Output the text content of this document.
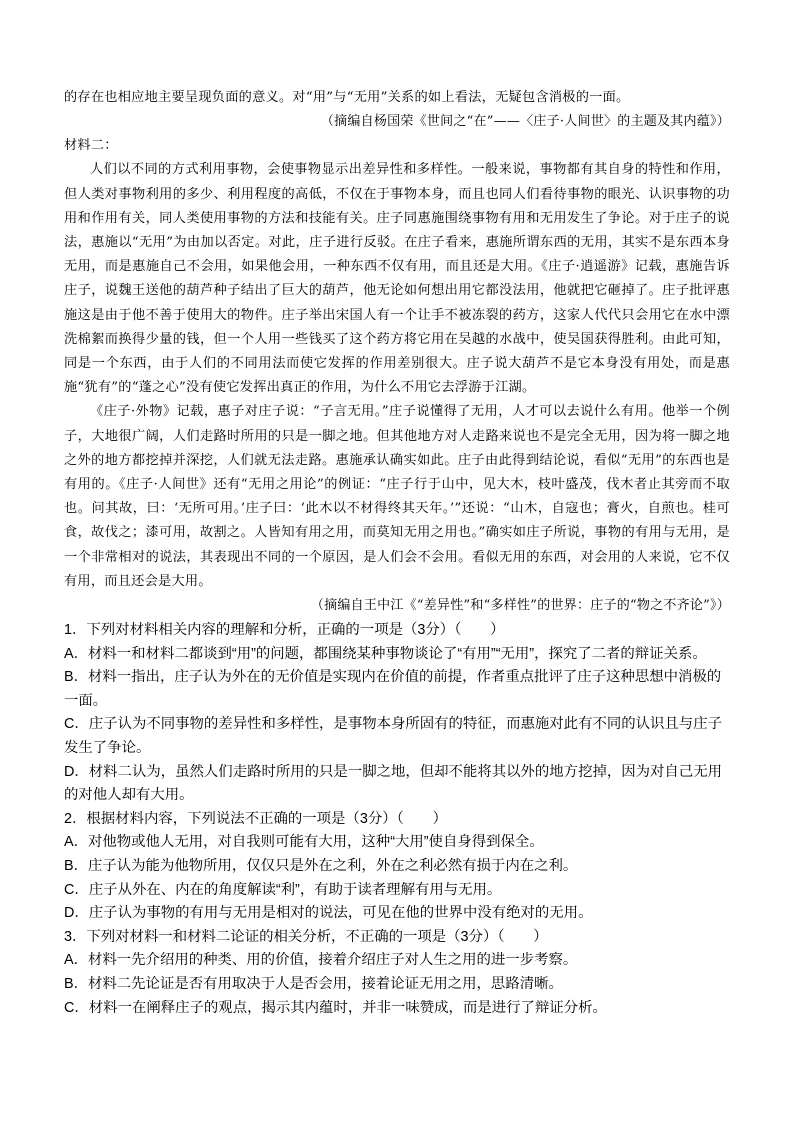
的存在也相应地主要呈现负面的意义。对“用”与“无用”关系的如上看法，无疑包含消极的一面。

（摘编自杨国荣《世间之“在”——〈庄子·人间世〉的主题及其内蕴》）

材料二：

人们以不同的方式利用事物，会使事物显示出差异性和多样性。一般来说，事物都有其自身的特性和作用，但人类对事物利用的多少、利用程度的高低，不仅在于事物本身，而且也同人们看待事物的眼光、认识事物的功用和作用有关，同人类使用事物的方法和技能有关。庄子同惠施围绕事物有用和无用发生了争论。对于庄子的说法，惠施以“无用”为由加以否定。对此，庄子进行反驳。在庄子看来，惠施所谓东西的无用，其实不是东西本身无用，而是惠施自己不会用，如果他会用，一种东西不仅有用，而且还是大用。《庄子·逍遥游》记载，惠施告诉庄子，说魏王送他的葫芦种子结出了巨大的葫芦，他无论如何想出用它都没法用，他就把它砸掉了。庄子批评惠施这是由于他不善于使用大的物件。庄子举出宋国人有一个让手不被冻裂的药方，这家人代代只会用它在水中漂洗棉絮而换得少量的钱，但一个人用一些钱买了这个药方将它用在吴越的水战中，使吴国获得胜利。由此可知，同是一个东西，由于人们的不同用法而使它发挥的作用差别很大。庄子说大葫芦不是它本身没有用处，而是惠施“犹有”的“蓬之心”没有使它发挥出真正的作用，为什么不用它去浮游于江湖。

《庄子·外物》记载，惠子对庄子说：“子言无用。”庄子说懂得了无用，人才可以去说什么有用。他举一个例子，大地很广阔，人们走路时所用的只是一脚之地。但其他地方对人走路来说也不是完全无用，因为将一脚之地之外的地方都挖掉并深挖，人们就无法走路。惠施承认确实如此。庄子由此得到结论说，看似“无用”的东西也是有用的。《庄子·人间世》还有“无用之用论”的例证：“庄子行于山中，见大木，枝叶盛茂，伐木者止其旁而不取也。问其故，曰：‘无所可用。’庄子曰：‘此木以不材得终其天年。’”还说：“山木，自寇也；膏火，自煎也。桂可食，故伐之；漆可用，故割之。人皆知有用之用，而莫知无用之用也。”确实如庄子所说，事物的有用与无用，是一个非常相对的说法，其表现出不同的一个原因，是人们会不会用。看似无用的东西，对会用的人来说，它不仅有用，而且还会是大用。

（摘编自王中江《“差异性”和“多样性”的世界：庄子的“物之不齐论”》）

1．下列对材料相关内容的理解和分析，正确的一项是（3分）（　　）

A．材料一和材料二都谈到“用”的问题，都围绕某种事物谈论了“有用”“无用”，探究了二者的辩证关系。

B．材料一指出，庄子认为外在的无价值是实现内在价值的前提，作者重点批评了庄子这种思想中消极的一面。

C．庄子认为不同事物的差异性和多样性，是事物本身所固有的特征，而惠施对此有不同的认识且与庄子发生了争论。

D．材料二认为，虽然人们走路时所用的只是一脚之地，但却不能将其以外的地方挖掉，因为对自己无用的对他人却有大用。

2．根据材料内容，下列说法不正确的一项是（3分）（　　）

A．对他物或他人无用，对自我则可能有大用，这种“大用”使自身得到保全。

B．庄子认为能为他物所用，仅仅只是外在之利，外在之利必然有损于内在之利。

C．庄子从外在、内在的角度解读“利”，有助于读者理解有用与无用。

D．庄子认为事物的有用与无用是相对的说法，可见在他的世界中没有绝对的无用。

3．下列对材料一和材料二论证的相关分析，不正确的一项是（3分）（　　）

A．材料一先介绍用的种类、用的价值，接着介绍庄子对人生之用的进一步考察。

B．材料二先论证是否有用取决于人是否会用，接着论证无用之用，思路清晰。

C．材料一在阐释庄子的观点，揭示其内蕴时，并非一味赞成，而是进行了辩证分析。
